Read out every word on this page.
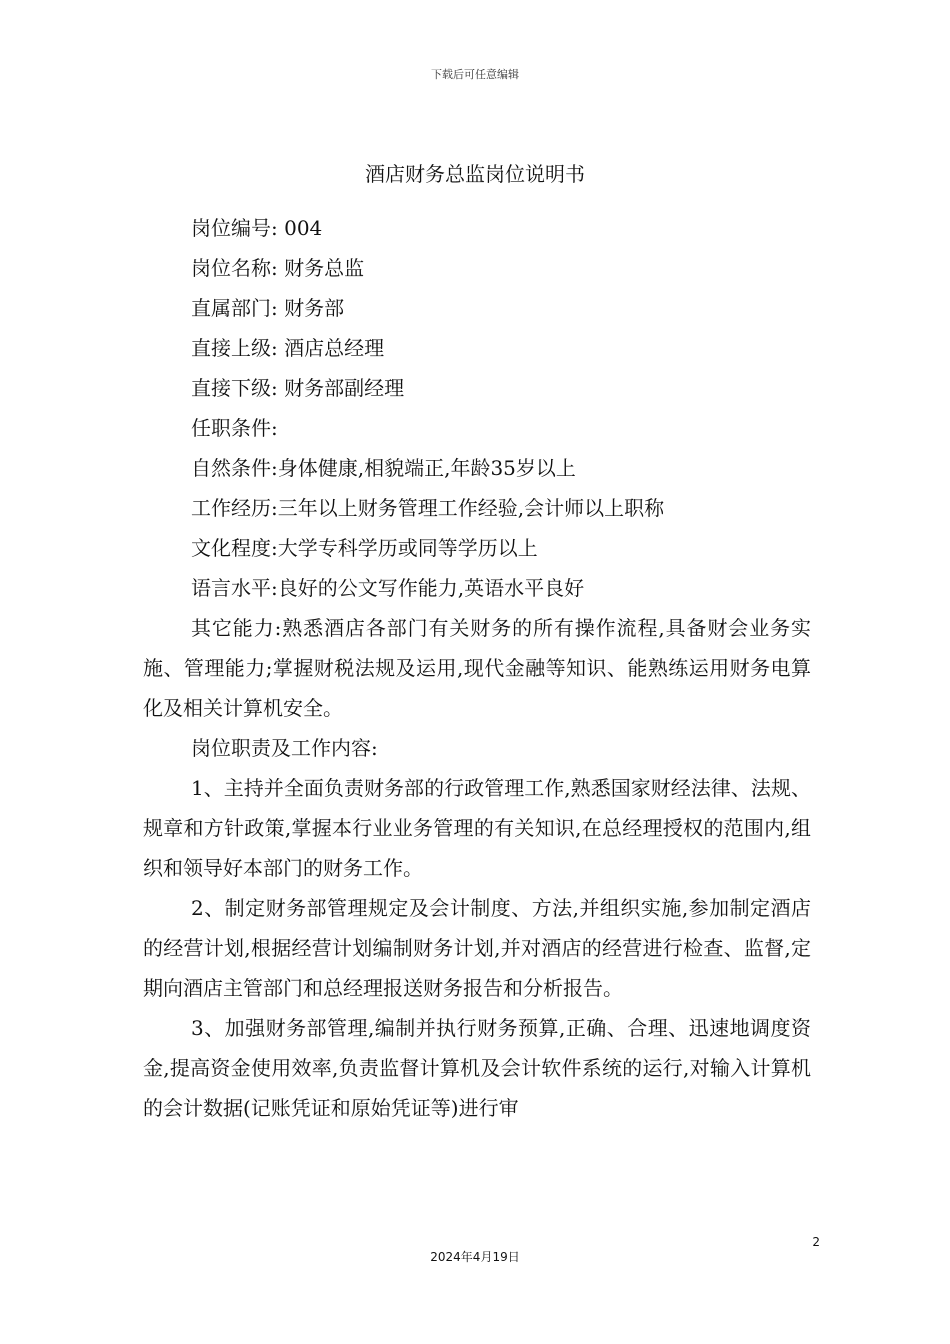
下载后可任意编辑
酒店财务总监岗位说明书

岗位编号: 004

岗位名称: 财务总监

直属部门: 财务部

直接上级: 酒店总经理

直接下级: 财务部副经理

任职条件:

自然条件:身体健康,相貌端正,年龄35岁以上

工作经历:三年以上财务管理工作经验,会计师以上职称

文化程度:大学专科学历或同等学历以上

语言水平:良好的公文写作能力,英语水平良好

其它能力:熟悉酒店各部门有关财务的所有操作流程,具备财会业务实施、管理能力;掌握财税法规及运用,现代金融等知识、能熟练运用财务电算化及相关计算机安全。

岗位职责及工作内容:

1、主持并全面负责财务部的行政管理工作,熟悉国家财经法律、法规、规章和方针政策,掌握本行业业务管理的有关知识,在总经理授权的范围内,组织和领导好本部门的财务工作。

2、制定财务部管理规定及会计制度、方法,并组织实施,参加制定酒店的经营计划,根据经营计划编制财务计划,并对酒店的经营进行检查、监督,定期向酒店主管部门和总经理报送财务报告和分析报告。

3、加强财务部管理,编制并执行财务预算,正确、合理、迅速地调度资金,提高资金使用效率,负责监督计算机及会计软件系统的运行,对输入计算机的会计数据(记账凭证和原始凭证等)进行审

2
2024年4月19日
